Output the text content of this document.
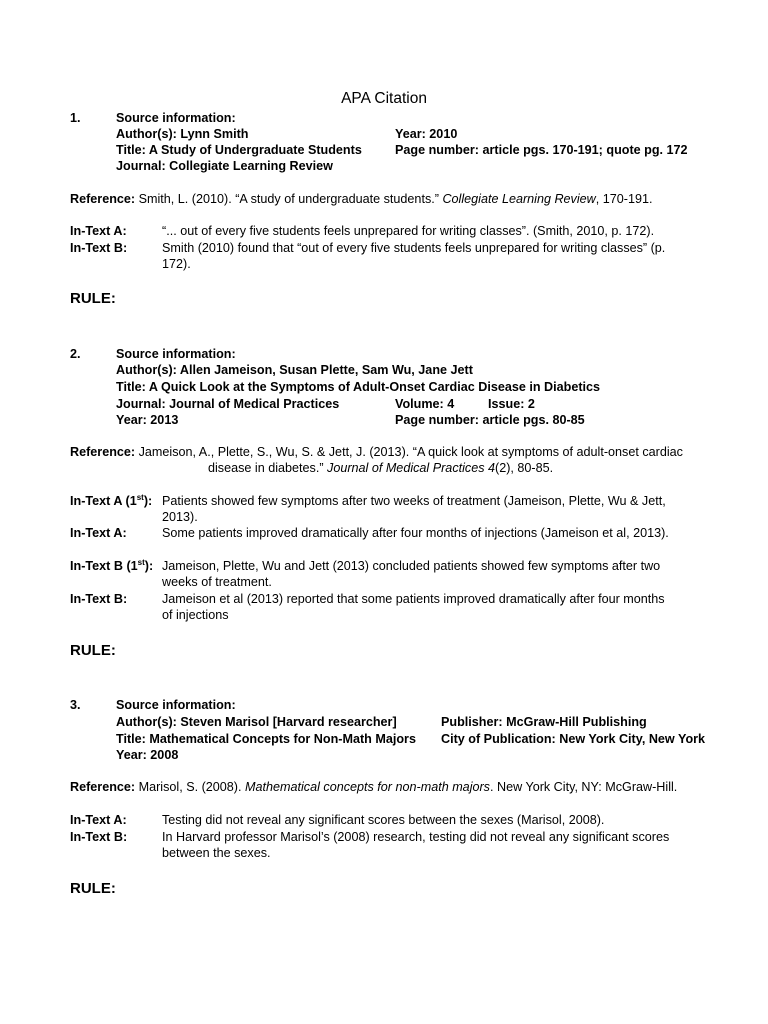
APA Citation
1.	Source information:
Author(s): Lynn Smith	Year: 2010
Title: A Study of Undergraduate Students	Page number: article pgs. 170-191; quote pg. 172
Journal: Collegiate Learning Review
Reference: Smith, L. (2010). “A study of undergraduate students.” Collegiate Learning Review, 170-191.
In-Text A:	“... out of every five students feels unprepared for writing classes”. (Smith, 2010, p. 172).
In-Text B:	Smith (2010) found that “out of every five students feels unprepared for writing classes” (p.
172).
RULE:
2.	Source information:
Author(s): Allen Jameison, Susan Plette, Sam Wu, Jane Jett
Title: A Quick Look at the Symptoms of Adult-Onset Cardiac Disease in Diabetics
Journal: Journal of Medical Practices	Volume: 4	Issue: 2
Year: 2013	Page number: article pgs. 80-85
Reference: Jameison, A., Plette, S., Wu, S. & Jett, J. (2013). “A quick look at symptoms of adult-onset cardiac
disease in diabetes.” Journal of Medical Practices 4(2), 80-85.
In-Text A (1st): Patients showed few symptoms after two weeks of treatment (Jameison, Plette, Wu & Jett,
2013).
In-Text A:	Some patients improved dramatically after four months of injections (Jameison et al, 2013).
In-Text B (1st): Jameison, Plette, Wu and Jett (2013) concluded patients showed few symptoms after two
weeks of treatment.
In-Text B:	Jameison et al (2013) reported that some patients improved dramatically after four months
of injections
RULE:
3.	Source information:
Author(s): Steven Marisol [Harvard researcher]	Publisher: McGraw-Hill Publishing
Title: Mathematical Concepts for Non-Math Majors City of Publication: New York City, New York
Year: 2008
Reference: Marisol, S. (2008). Mathematical concepts for non-math majors. New York City, NY: McGraw-Hill.
In-Text A:	Testing did not reveal any significant scores between the sexes (Marisol, 2008).
In-Text B:	In Harvard professor Marisol’s (2008) research, testing did not reveal any significant scores
between the sexes.
RULE:
